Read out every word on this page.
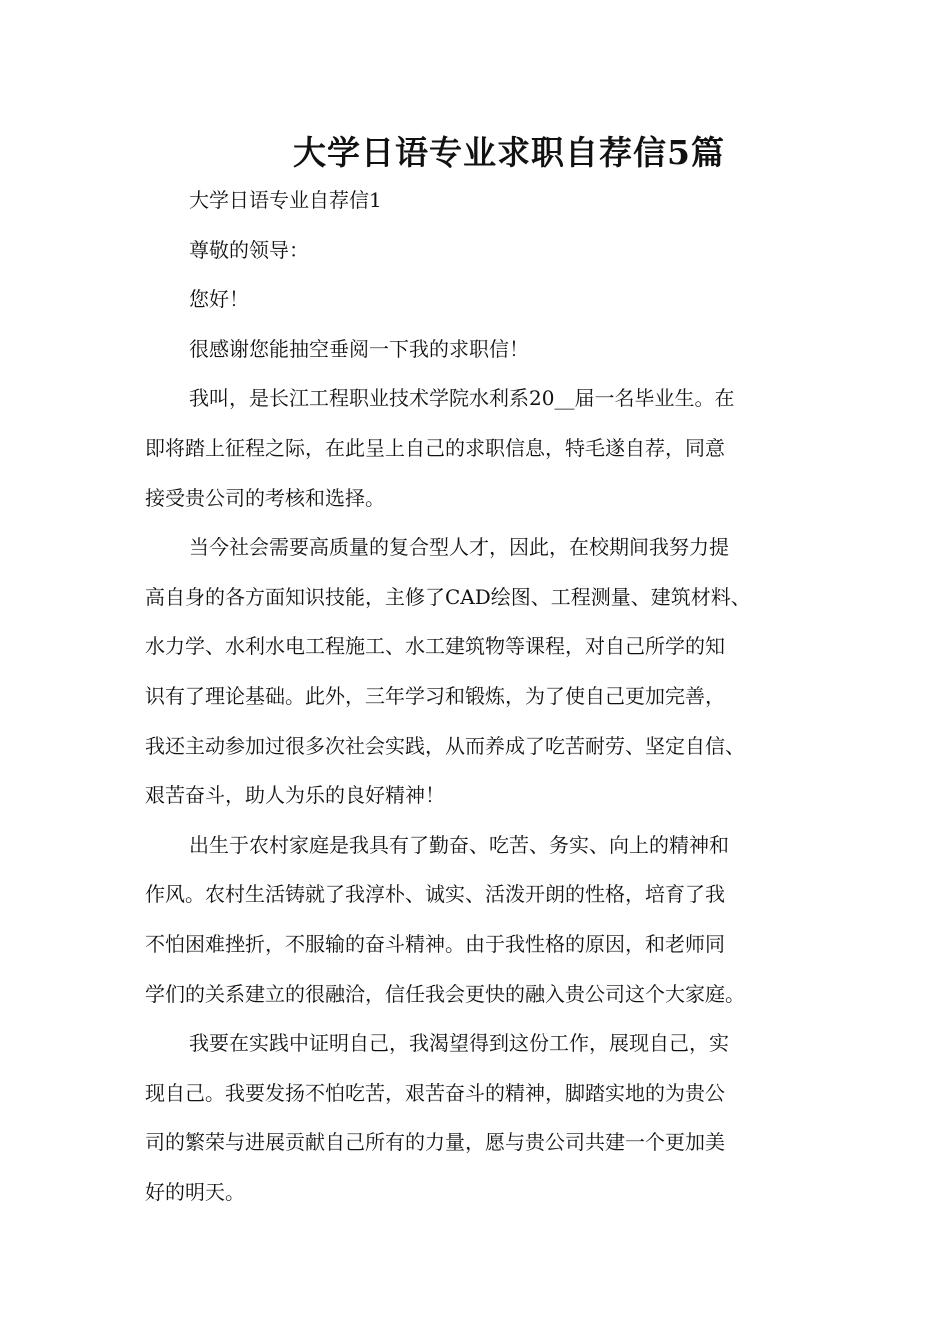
大学日语专业求职自荐信5篇

大学日语专业自荐信1

尊敬的领导：

您好！

很感谢您能抽空垂阅一下我的求职信！

我叫，是长江工程职业技术学院水利系20__届一名毕业生。在
即将踏上征程之际，在此呈上自己的求职信息，特毛遂自荐，同意
接受贵公司的考核和选择。

当今社会需要高质量的复合型人才，因此，在校期间我努力提
高自身的各方面知识技能，主修了CAD绘图、工程测量、建筑材料、
水力学、水利水电工程施工、水工建筑物等课程，对自己所学的知
识有了理论基础。此外，三年学习和锻炼，为了使自己更加完善，
我还主动参加过很多次社会实践，从而养成了吃苦耐劳、坚定自信、
艰苦奋斗，助人为乐的良好精神！

出生于农村家庭是我具有了勤奋、吃苦、务实、向上的精神和
作风。农村生活铸就了我淳朴、诚实、活泼开朗的性格，培育了我
不怕困难挫折，不服输的奋斗精神。由于我性格的原因，和老师同
学们的关系建立的很融洽，信任我会更快的融入贵公司这个大家庭。

我要在实践中证明自己，我渴望得到这份工作，展现自己，实
现自己。我要发扬不怕吃苦，艰苦奋斗的精神，脚踏实地的为贵公
司的繁荣与进展贡献自己所有的力量，愿与贵公司共建一个更加美
好的明天。
